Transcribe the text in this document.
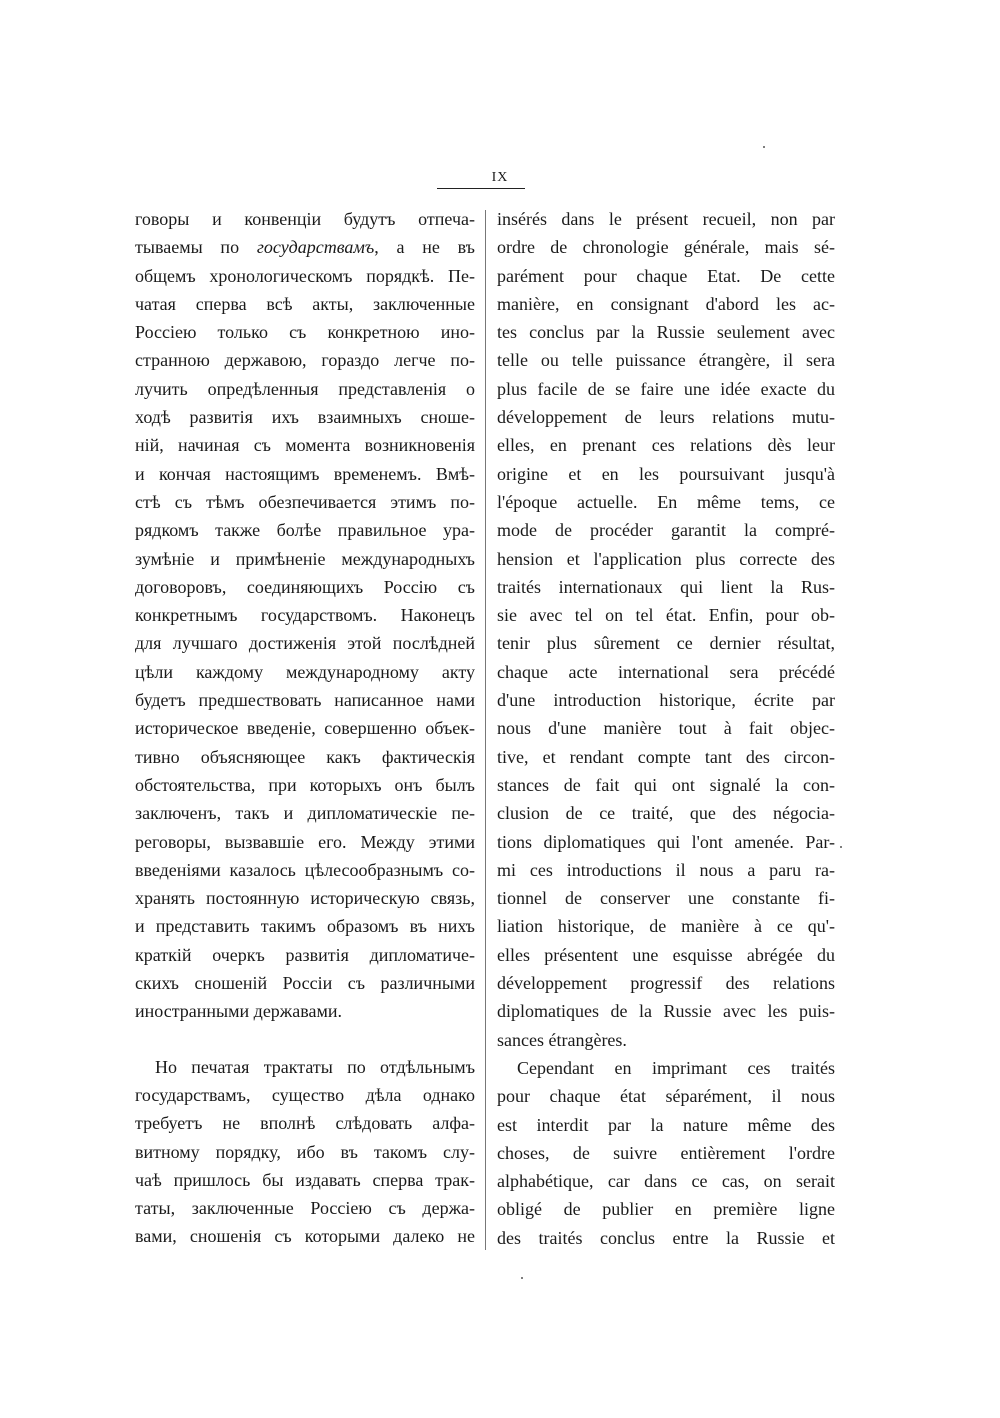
IX
говоры и конвенціи будутъ отпеча-
тываемы по государствамъ, а не въ
общемъ хронологическомъ порядкѣ. Пе-
чатая сперва всѣ акты, заключенные
Россіею только съ конкретною ино-
странною державою, гораздо легче по-
лучить опредѣленныя представленія о
ходѣ развитія ихъ взаимныхъ сноше-
ній, начиная съ момента возникновенія
и кончая настоящимъ временемъ. Вмѣ-
стѣ съ тѣмъ обезпечивается этимъ по-
рядкомъ также болѣе правильное ура-
зумѣніе и примѣненіе международныхъ
договоровъ, соединяющихъ Россію съ
конкретнымъ государствомъ. Наконецъ
для лучшаго достиженія этой послѣдней
цѣли каждому международному акту
будетъ предшествовать написанное нами
историческое введеніе, совершенно объек-
тивно объясняющее какъ фактическія
обстоятельства, при которыхъ онъ былъ
заключенъ, такъ и дипломатическіе пе-
реговоры, вызвавшіе его. Между этими
введеніями казалось цѣлесообразнымъ со-
хранять постоянную историческую связь,
и представить такимъ образомъ въ нихъ
краткій очеркъ развитія дипломатиче-
скихъ сношеній Россіи съ различными
иностранными державами.
Но печатая трактаты по отдѣльнымъ
государствамъ, существо дѣла однако
требуетъ не вполнѣ слѣдовать алфа-
витному порядку, ибо въ такомъ слу-
чаѣ пришлось бы издавать сперва трак-
таты, заключенные Россіею съ держа-
вами, сношенія съ которыми далеко не
insérés dans le présent recueil, non par
ordre de chronologie générale, mais sé-
parément pour chaque Etat. De cette
manière, en consignant d'abord les ac-
tes conclus par la Russie seulement avec
telle ou telle puissance étrangère, il sera
plus facile de se faire une idée exacte du
développement de leurs relations mutu-
elles, en prenant ces relations dès leur
origine et en les poursuivant jusqu'à
l'époque actuelle. En même tems, ce
mode de procéder garantit la compré-
hension et l'application plus correcte des
traités internationaux qui lient la Rus-
sie avec tel on tel état. Enfin, pour ob-
tenir plus sûrement ce dernier résultat,
chaque acte international sera précédé
d'une introduction historique, écrite par
nous d'une manière tout à fait objec-
tive, et rendant compte tant des circon-
stances de fait qui ont signalé la con-
clusion de ce traité, que des négocia-
tions diplomatiques qui l'ont amenée. Par-
mi ces introductions il nous a paru ra-
tionnel de conserver une constante fi-
liation historique, de manière à ce qu'-
elles présentent une esquisse abrégée du
développement progressif des relations
diplomatiques de la Russie avec les puis-
sances étrangères.
Cependant en imprimant ces traités
pour chaque état séparément, il nous
est interdit par la nature même des
choses, de suivre entièrement l'ordre
alphabétique, car dans ce cas, on serait
obligé de publier en première ligne
des traités conclus entre la Russie et
